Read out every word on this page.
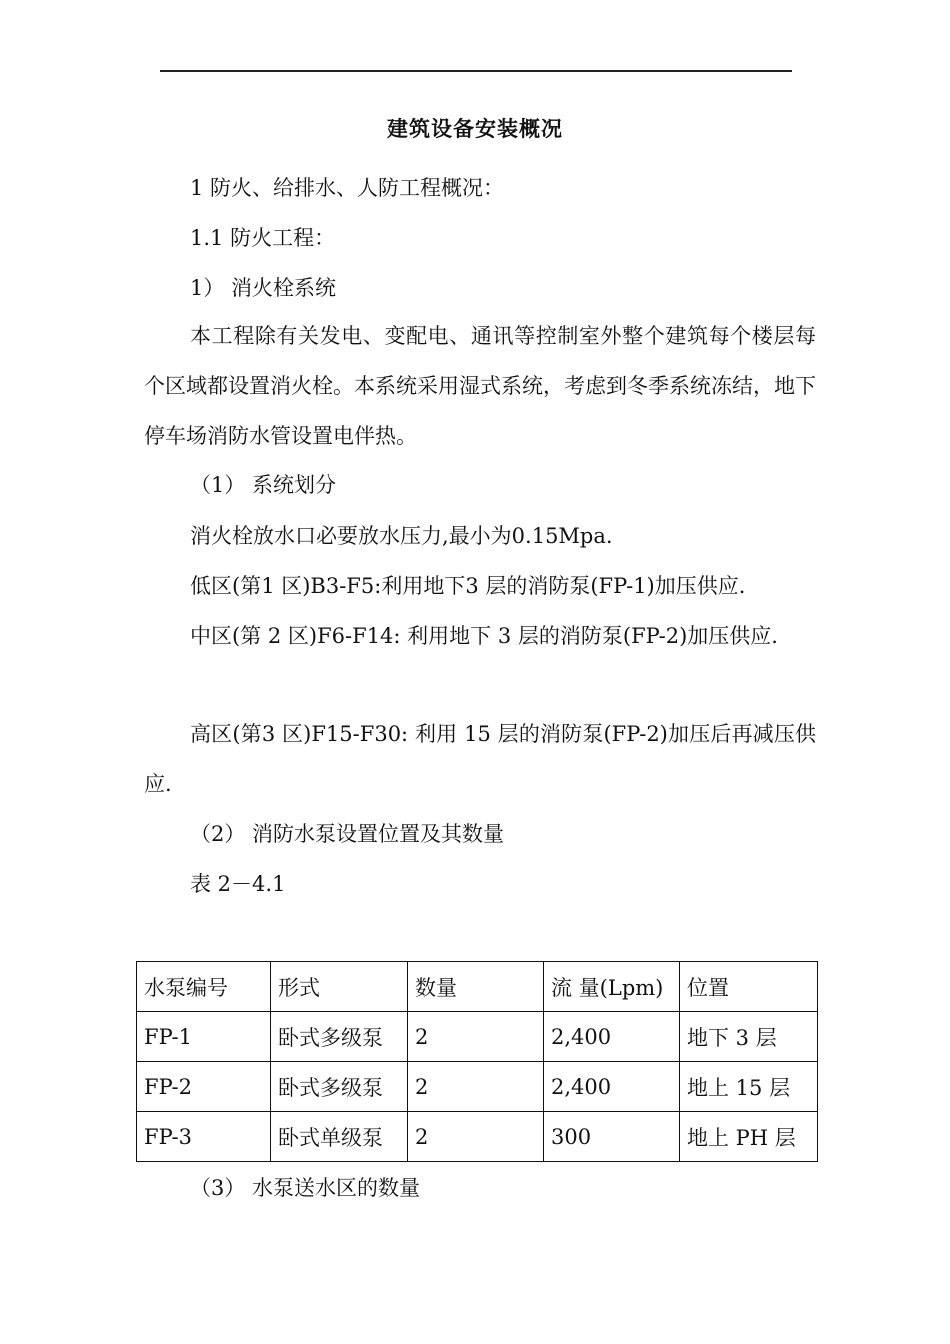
建筑设备安装概况
1 防火、给排水、人防工程概况：
1.1 防火工程：
1） 消火栓系统

本工程除有关发电、变配电、通讯等控制室外整个建筑每个楼层每个区域都设置消火栓。本系统采用湿式系统，考虑到冬季系统冻结，地下停车场消防水管设置电伴热。

（1） 系统划分

消火栓放水口必要放水压力,最小为0.15Mpa.

低区(第1 区)B3-F5:利用地下3 层的消防泵(FP-1)加压供应.

中区(第 2 区)F6-F14: 利用地下 3 层的消防泵(FP-2)加压供应.

高区(第3 区)F15-F30: 利用 15 层的消防泵(FP-2)加压后再减压供应.

（2） 消防水泵设置位置及其数量
表 2－4.1
水泵编号	形式	数量	流 量(Lpm)	位置
FP-1	卧式多级泵	2	2,400	地下 3 层
FP-2	卧式多级泵	2	2,400	地上 15 层
FP-3	卧式单级泵	2	300	地上 PH 层
（3） 水泵送水区的数量
